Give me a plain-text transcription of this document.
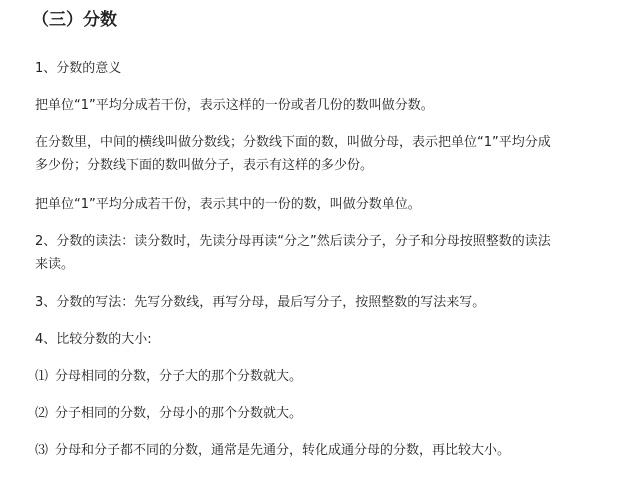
（三）分数
1、分数的意义
把单位“1”平均分成若干份，表示这样的一份或者几份的数叫做分数。
在分数里，中间的横线叫做分数线；分数线下面的数，叫做分母，表示把单位“1”平均分成
多少份；分数线下面的数叫做分子，表示有这样的多少份。
把单位“1”平均分成若干份，表示其中的一份的数，叫做分数单位。
2、分数的读法：读分数时，先读分母再读“分之”然后读分子，分子和分母按照整数的读法
来读。
3、分数的写法：先写分数线，再写分母，最后写分子，按照整数的写法来写。
4、比较分数的大小:
⑴ 分母相同的分数，分子大的那个分数就大。
⑵ 分子相同的分数，分母小的那个分数就大。
⑶ 分母和分子都不同的分数，通常是先通分，转化成通分母的分数，再比较大小。
